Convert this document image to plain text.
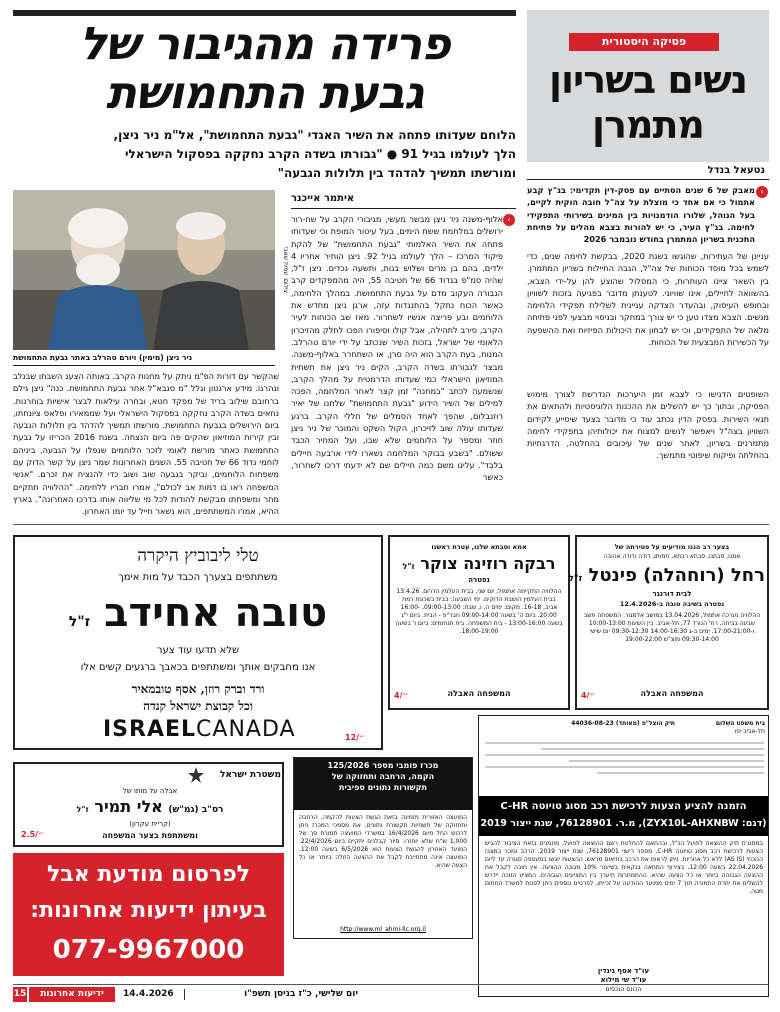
פרידה מהגיבור של
גבעת התחמושת
הלוחם שעדותו פתחה את השיר האגדי "גבעת התחמושת", אל"מ ניר ניצן,
הלך לעולמו בגיל 91 ● "גבורתו בשדה הקרב נחקקה בפסקול הישראלי
ומורשתו תמשיך להדהד בין תלולות הגבעה"
צילום: עמית שאבי
ניר ניצן (מימין) ויורם טהרלב באתר גבעת התחמושת
איתמר אייכנר
‹
אלוף-משנה ניר ניצן מבשר מעשי, מגיבורי הקרב על שח-רור ירושלים במלחמת ששת הימים, בעל עיטור המופת וכי שעדותו פתחה את השיר האלמותי "גבעת התחמושת" של להקת פיקוד המרכז – הלך לעולמו בגיל 92. ניצן הותיר אחריו 4 ילדים, בהם בן מרים ושלוש בנות, ותשעה נכדים. ניצן ז"ל, שהיה סמ"פ בגדוד 66 של חטיבה 55, היה מהמפקדים קרב הגבורה העקוב מדם על גבעת התחמושת. במהלך הלחימה, כאשר הכוח נתקל בהתנגדות עזה, ארגן ניצן מחדש את הלוחמים ובע פריצה אנשיו לשחרור. מאז שב הכוחות לעיר הקרב, סירב לתהילה, אבל קולו וסיפורו הפכו לחלק מהזיכרון הלאומי של ישראל, בזכות השיר שנכתב על ידי יורם טהרלב. המנוח, בעת הקרב הוא היה סרן, או השתחרר באלוף-משנה. מבצר לגבורתו בשדה הקרב, הקים ניר ניצן את תשתית המוזיאון הישראלי כמי שעדותו הדרמטית על מהלך הקרב, שנשמעה לכתב "במחנה" זמן קצר לאחר המלחמה, הפכה למילים של השיר הידוע "גבעת התחמושת" שלחנו של יאיר רוזנבלום, שהפך לאחד הסמלים של חללי הקרב. ברגע שעדותו עולה שוב לזיכרון, הקול השקט והמוכר של ניר ניצן חוזר ומספר על הלוחמים שלא שבו, ועל המחיר הכבד ששולם. "בשבע בבוקר המלחמה נשארו לידי ארבעה חיילים בלבד". עלינו משם כמה חיילים שם לא ידעתי דרכו לשחרור, כאשר
שהקשר עם דורות הפ"מ ניתק על מחנות הקרב. באותה הצעג השבתו שבנלב ונהרגו. מידע ארגטון וגלל "מ סגבא"ל אחר גבעת התחמושת. כנה" ניצן גילם ברחובם שילוב בריד של מפקד חטא, ובחרה עילאות לבצר אישיות בוחרנות. נחאים בשדה הקרב נחקקה בפסקול הישראלי ועל שממאירו ופלאס ציונחתו, ביום הירושלים בגבעת התחמושת. מורשתו תמשיך להדהד בין תלולות הגבעה ובין קירות המוזיאון שהקים פה ביום הנצחה. בשנת 2016 הכריזו על גבעת התחמושת כאתר מורשת לאומי לזכר הלוחמים שנפלו על הגבעה, ביניהם לוחמי גדוד 66 של חטיבה 55. השנים האחרונות שמר ניצן על קשר הדוק עם משפחות הלוחמים, וביקר בגבעה שוב ושוב כדי להנציח את זכרם. "אנשי המשפחה ראו בו דמות אב לכולם", אמרו חבריו ללחימה. "ההלוויה תתקיים מחר ומשפחתו מבקשת להודות לכל מי שליווה אותו בדרכו האחרונה". בארץ ההיא, אמרו המשתתפים, הוא נשאר חייל עד יומו האחרון.
פסיקה היסטורית
נשים בשריון
מתמרן
נטעאל בנדל
‹
מאבק של 6 שנים הסתיים עם פסק-דין תקדימי: בג"ץ קבע אתמול כי אם אחד כי מוצלת על צה"ל חובה הוקית לקיים, בעל הנוהל, שלורו הודמנויות בין המינים בשירותי התפקידי לחימה. בג"ץ העיר, כי יש להורות בצבא מהלים על פתיחת התכנית בשריון המתמרן בחודש נובמבר 2026
עניינן של העתירות, שהוגשו בשנת 2020, בבקשת לחימה שנים, כדי לשמש בכל מוסד הכוחות של צה"ל, הגבה החיילות בשריון המתמרן. בין השאר ציינו העותרות, כי המסלול שהוצע להן על-ידי הצבא, בהשוואה לחיילים, אינו שוויוני. לטענתן מדובר בפגיעה בזכות לשוויון ובחופש העיסוק, ובהעדר הצדקה עניינית לשלילת תפקידי הלחימה מנשים. הצבא מצדו טען כי יש צורך במחקר ובניסוי מבצעי לפני פתיחה מלאה של התפקידים, וכי יש לבחון את היכולות הפיזיות ואת ההשפעה על הכשירות המבצעית של הכוחות.
השופטים הדגישו כי לצבא זמן היערכות הנדרשת לצורך מימוש הפסיקה, ובתוך כך יש להשלים את ההכנות הלוגיסטיות ולהתאים את תנאי השירות. בפסק הדין נכתב עוד כי מדובר בצעד שיסייע לקידום השוויון בצה"ל ויאפשר לנשים למצות את יכולותיהן בתפקידי לחימה מתמרנים בשריון, לאחר שנים של עיכובים בהחלטה, הדרגתיות בהחלתה ופיקוח שיפוטי מתמשך.
בצער רב הננו מודיעים על פטירתה של
אמנו, סבתנו, סבתא רבתא, חמותו, דודה ודודה אהובה
רחל (רוחהלה) פינטל ז"ל
לבית דורנגר
נפטרה בשיבה טובה ב-12.4.2026
ההלוויה נערכה אתמול, 13.04.2026 במושב אלמגור. המשפחה תשב שבעה בביתה, רח' הנורד 77, תל-אביב. בין השעות 10:00-13:00 ו-17:00-21:00. ימים ב-ג 14:00-16:30 09:30-12:30 יום שישי 09:30-14:00 מוצ"ש 19:00-22:00
המשפחה האבלה
4/״
אמא וסבתא שלנו, עטרת ראשנו
רבקה רוזינה צוקר ז"ל
נפטרה
ההלוויה התקיימה אתמול, יום שני, בבית העלמין הדרום. 13.4.26 בבית העלמין הושבת הדוקים. ימי השבעה: בבית בשכונת רמת אביב, 16-18. מקום: ימים ה, ו, שבת: 09:00-13:00, 16:00-20:00. ביום ה' בשעה 09:00-14:00 חבר"פ - הבית. ביום י"ג בשעה 13:00-16:00 - בית המשפחה. בית תנחומים: ביום ו' בשעה 18:00-19:00.
המשפחה האבלה
4/״
טלי ליבוביץ היקרה
משתתפים בצערך הכבד על מות אימך
טובה אחידב ז"ל
שלא תדעו עוד צער
אנו מחבקים אותך ומשתתפים בכאבך ברגעים קשים אלו
ורד וברק רוזן, אסף טובמאיר
וכל קבוצת ישראל קנדה
ISRAELCANADA	12/״
בית משפט השלום
תל-אביב יפו
תיק הוצל"פ (מאוחד) 44036-08-23
הזמנה להציע הצעות לרכישת רכב מסוג טויוטה C-HR
(דגם: ZYX10L-AHXNBW), מ.ר. 76128901, שנת ייצור 2019
במסגרת תיק ההוצאה לפועל הנ"ל, ובהתאם להחלטת רשם ההוצאה לפועל, מוזמנים בזאת הציבור להגיש הצעות לרכישת רכב מסוג טויוטה C-HR, מספר רישוי 76128901, שנת ייצור 2019. הרכב נמכר במצבו הנוכחי (AS IS) ללא כל אחריות. ניתן לראות את הרכב בתיאום מראש. ההצעות יוגשו במעטפה סגורה עד ליום 22.04.2026 בשעה 12:00, בצירוף המחאה בנקאית בשיעור 10% מגובה ההצעה. אין חובה לקבל את ההצעה הגבוהה ביותר או כל הצעה שהיא. ההתמחרות תיערך בין המציעים הגבוהים. המציע הזוכה יידרש להשלים את יתרת התמורה תוך 7 ימים ממועד ההודעה על זכייתו. לפרטים נוספים ניתן לפנות למשרד החתום מטה.
עו"ד אסף גינדין
עו"ד שי מילוא
הכונס הנכסים
מכרז פומבי מספר 125/2026
הקמה, הרחבה ותחזוקה של
תקשורות נתונים ספיבית
המועצה האזורית מזמינה בזאת הגשת הצעות להקמה, הרחבה ותחזוקה של תשתיות תקשורת נתונים. את מסמכי המכרז ניתן לרכוש החל מיום 16/4/2026 במשרדי המועצה תמורת סך של 1,000 ש"ח שלא יוחזרו. סיור קבלנים יתקיים ביום 22/4/2026. המועד האחרון להגשת הצעות הוא 6/5/2026 בשעה 12:00. המועצה אינה מתחייבת לקבל את ההצעה הזולה ביותר או כל הצעה שהיא.
http://www.ml_ahmi-llc.org.il
משטרת ישראל
אבלה על מותו של
רס"ב (גמ"ש) אלי תמיר ז"ל
(קריית עקרון)
ומשתתפת בצער המשפחה
2.5/״
לפרסום מודעת אבל
בעיתון ידיעות אחרונות:
077-9967000
15	ידיעות אחרונות	14.4.2026	יום שלישי, כ"ז בניסן תשפ"ו
